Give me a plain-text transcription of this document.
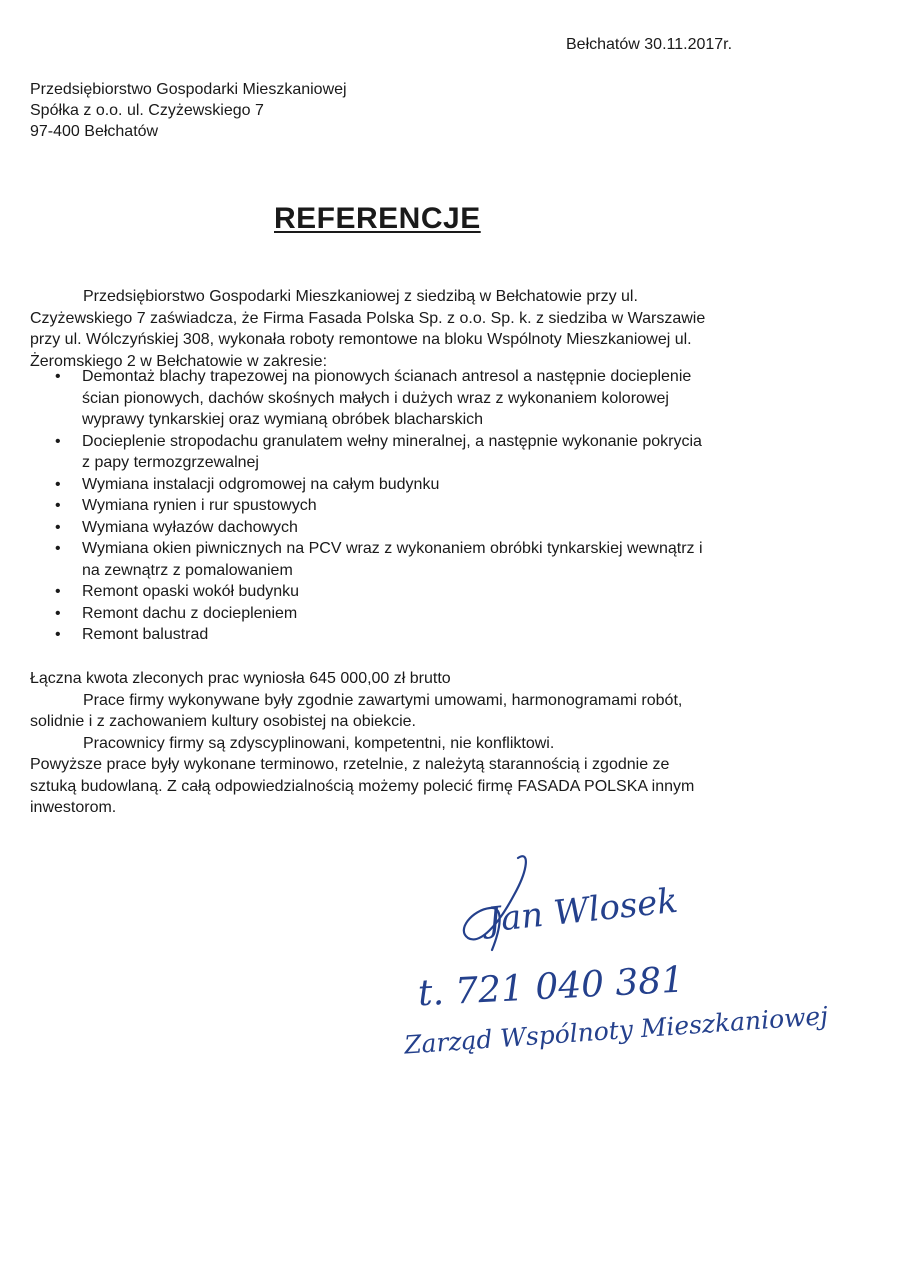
Bełchatów 30.11.2017r.
Przedsiębiorstwo Gospodarki Mieszkaniowej
Spółka z o.o. ul. Czyżewskiego 7
97-400 Bełchatów
REFERENCJE
Przedsiębiorstwo Gospodarki Mieszkaniowej z siedzibą w Bełchatowie przy ul.
Czyżewskiego 7 zaświadcza, że Firma Fasada Polska Sp. z o.o. Sp. k. z siedziba w Warszawie
przy ul. Wólczyńskiej 308, wykonała roboty remontowe na bloku Wspólnoty Mieszkaniowej ul.
Żeromskiego 2 w Bełchatowie w zakresie:
• Demontaż blachy trapezowej na pionowych ścianach antresol a następnie docieplenie
ścian pionowych, dachów skośnych małych i dużych wraz z wykonaniem kolorowej
wyprawy tynkarskiej oraz wymianą obróbek blacharskich
• Docieplenie stropodachu granulatem wełny mineralnej, a następnie wykonanie pokrycia
z papy termozgrzewalnej
• Wymiana instalacji odgromowej na całym budynku
• Wymiana rynien i rur spustowych
• Wymiana wyłazów dachowych
• Wymiana okien piwnicznych na PCV wraz z wykonaniem obróbki tynkarskiej wewnątrz i
na zewnątrz z pomalowaniem
• Remont opaski wokół budynku
• Remont dachu z dociepleniem
• Remont balustrad
Łączna kwota zleconych prac wyniosła 645 000,00 zł brutto
Prace firmy wykonywane były zgodnie zawartymi umowami, harmonogramami robót,
solidnie i z zachowaniem kultury osobistej na obiekcie.
Pracownicy firmy są zdyscyplinowani, kompetentni, nie konfliktowi.
Powyższe prace były wykonane terminowo, rzetelnie, z należytą starannością i zgodnie ze
sztuką budowlaną. Z całą odpowiedzialnością możemy polecić firmę FASADA POLSKA innym
inwestorom.
Jan Wlosek
t. 721 040 381
Zarząd Wspólnoty Mieszkaniowej
